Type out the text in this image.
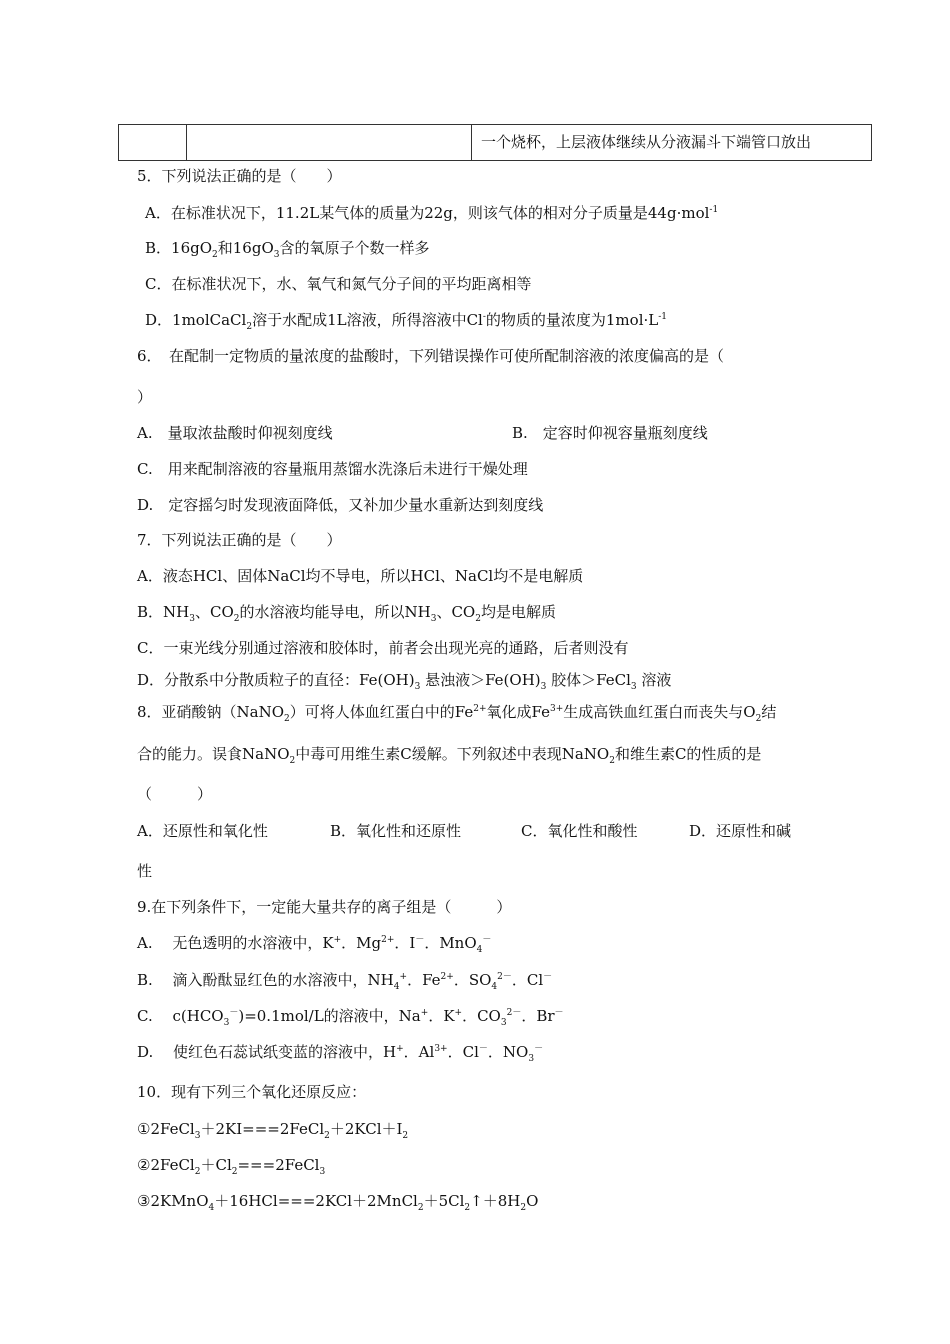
一个烧杯，上层液体继续从分液漏斗下端管口放出
5．下列说法正确的是（　　）
A．在标准状况下，11.2L某气体的质量为22g，则该气体的相对分子质量是44g·mol$^{-1}$
B．$16gO_2$和$16gO_3$含的氧原子个数一样多
C．在标准状况下，水、氧气和氮气分子间的平均距离相等
D．1molCaCl$_2$溶于水配成1L溶液，所得溶液中Cl-的物质的量浓度为$1mol\cdot L^{-1}$
6．　在配制一定物质的量浓度的盐酸时，下列错误操作可使所配制溶液的浓度偏高的是（
）
A.　量取浓盐酸时仰视刻度线	B.　定容时仰视容量瓶刻度线
C.　用来配制溶液的容量瓶用蒸馏水洗涤后未进行干燥处理
D.　定容摇匀时发现液面降低，又补加少量水重新达到刻度线
7．下列说法正确的是（　　）
A．液态HCl、固体NaCl均不导电，所以HCl、NaCl均不是电解质
B．$NH_3$、$CO_2$的水溶液均能导电，所以$NH_3$、$CO_2$均是电解质
C．一束光线分别通过溶液和胶体时，前者会出现光亮的通路，后者则没有
D．分散系中分散质粒子的直径：$Fe(OH)_3$ 悬浊液$>Fe(OH)_3$ 胶体＞FeCl$_3$ 溶液
8．亚硝酸钠（NaNO$_2$）可将人体血红蛋白中的$Fe^{2+}$氧化成$Fe^{3+}$生成高铁血红蛋白而丧失与$O_2$结
合的能力。误食NaNO$_2$中毒可用维生素C缓解。下列叙述中表现NaNO$_2$和维生素C的性质的是
（　　　）
A．还原性和氧化性	B．氧化性和还原性	C．氧化性和酸性	D．还原性和碱
性
9.在下列条件下，一定能大量共存的离子组是（　　　）
A.　 无色透明的水溶液中，K+．$Mg^{2+}$．I－．MnO$_4$－
B.　 滴入酚酞显红色的水溶液中，$NH_4^+$．$Fe^{2+}$．$SO_4^{2-}$．Cl－
C.　 $c(HCO_3^-)=0.1mol/L$的溶液中，Na+．K+．$CO_3^{2-}$．Br－
D.　 使红色石蕊试纸变蓝的溶液中，H+．$Al^{3+}$．Cl－．$NO_3^-$
10．现有下列三个氧化还原反应：
$①2FeCl_3+2KI===2FeCl_2+2KCl+I_2$
$②2FeCl_2+Cl_2===2FeCl_3$
$③2KMnO_4+16HCl===2KCl+2MnCl_2+5Cl_2↑+8H_2O$
